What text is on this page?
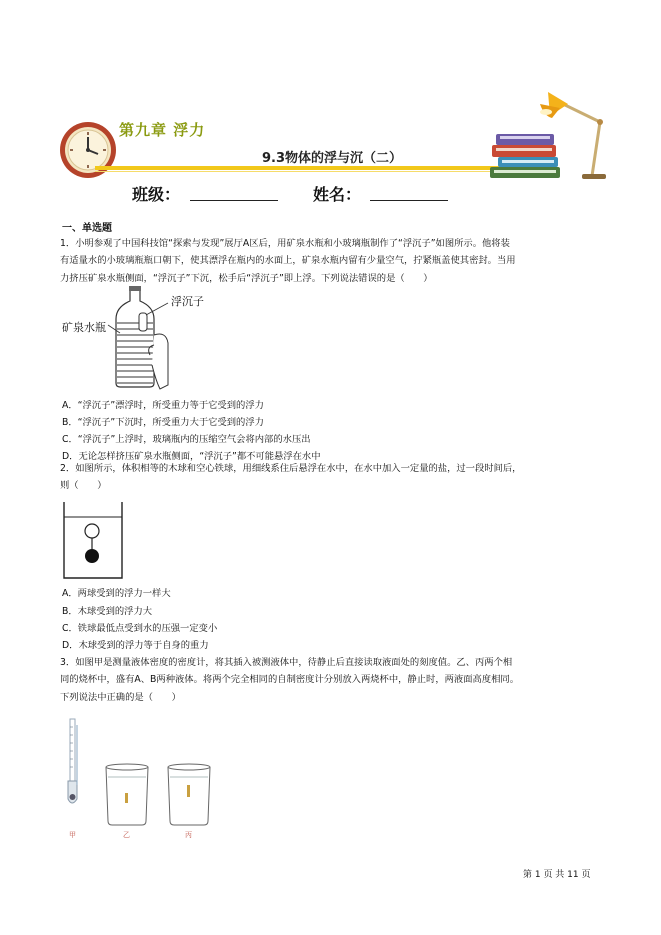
第九章 浮力
9.3物体的浮与沉（二）
班级：	姓名：
一、单选题
1．小明参观了中国科技馆“探索与发现”展厅A区后，用矿泉水瓶和小玻璃瓶制作了“浮沉子”如图所示。他将装
有适量水的小玻璃瓶瓶口朝下，使其漂浮在瓶内的水面上，矿泉水瓶内留有少量空气，拧紧瓶盖使其密封。当用
力挤压矿泉水瓶侧面，“浮沉子”下沉，松手后“浮沉子”即上浮。下列说法错误的是（　　）
矿泉水瓶
浮沉子
A．“浮沉子”漂浮时，所受重力等于它受到的浮力
B．“浮沉子”下沉时，所受重力大于它受到的浮力
C．“浮沉子”上浮时，玻璃瓶内的压缩空气会将内部的水压出
D．无论怎样挤压矿泉水瓶侧面，“浮沉子”都不可能悬浮在水中
2．如图所示，体积相等的木球和空心铁球，用细线系住后悬浮在水中，在水中加入一定量的盐，过一段时间后，
则（　　）
A．两球受到的浮力一样大
B．木球受到的浮力大
C．铁球最低点受到水的压强一定变小
D．木球受到的浮力等于自身的重力
3．如图甲是测量液体密度的密度计，将其插入被测液体中，待静止后直接读取液面处的刻度值。乙、丙两个相
同的烧杯中，盛有A、B两种液体。将两个完全相同的自制密度计分别放入两烧杯中，静止时，两液面高度相同。
下列说法中正确的是（　　）
甲	乙	丙
第 1 页 共 11 页
